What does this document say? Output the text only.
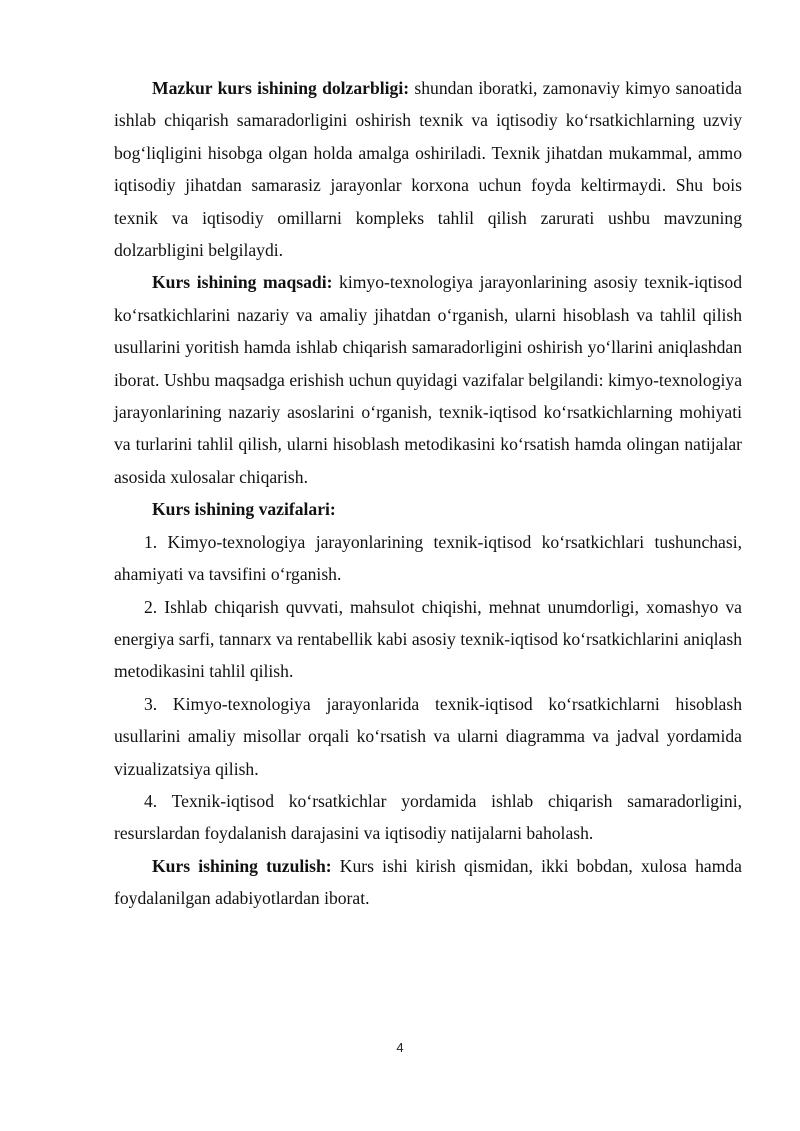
Mazkur kurs ishining dolzarbligi: shundan iboratki, zamonaviy kimyo sanoatida ishlab chiqarish samaradorligini oshirish texnik va iqtisodiy koʻrsatkichlarning uzviy bogʻliqligini hisobga olgan holda amalga oshiriladi. Texnik jihatdan mukammal, ammo iqtisodiy jihatdan samarasiz jarayonlar korxona uchun foyda keltirmaydi. Shu bois texnik va iqtisodiy omillarni kompleks tahlil qilish zarurati ushbu mavzuning dolzarbligini belgilaydi.

Kurs ishining maqsadi: kimyo-texnologiya jarayonlarining asosiy texnik-iqtisod koʻrsatkichlarini nazariy va amaliy jihatdan oʻrganish, ularni hisoblash va tahlil qilish usullarini yoritish hamda ishlab chiqarish samaradorligini oshirish yoʻllarini aniqlashdan iborat. Ushbu maqsadga erishish uchun quyidagi vazifalar belgilandi: kimyo-texnologiya jarayonlarining nazariy asoslarini oʻrganish, texnik-iqtisod koʻrsatkichlarning mohiyati va turlarini tahlil qilish, ularni hisoblash metodikasini koʻrsatish hamda olingan natijalar asosida xulosalar chiqarish.

Kurs ishining vazifalari:

1. Kimyo-texnologiya jarayonlarining texnik-iqtisod koʻrsatkichlari tushunchasi, ahamiyati va tavsifini oʻrganish.

2. Ishlab chiqarish quvvati, mahsulot chiqishi, mehnat unumdorligi, xomashyo va energiya sarfi, tannarx va rentabellik kabi asosiy texnik-iqtisod koʻrsatkichlarini aniqlash metodikasini tahlil qilish.

3. Kimyo-texnologiya jarayonlarida texnik-iqtisod koʻrsatkichlarni hisoblash usullarini amaliy misollar orqali koʻrsatish va ularni diagramma va jadval yordamida vizualizatsiya qilish.

4. Texnik-iqtisod koʻrsatkichlar yordamida ishlab chiqarish samaradorligini, resurslardan foydalanish darajasini va iqtisodiy natijalarni baholash.

Kurs ishining tuzulish: Kurs ishi kirish qismidan, ikki bobdan, xulosa hamda foydalanilgan adabiyotlardan iborat.

4
